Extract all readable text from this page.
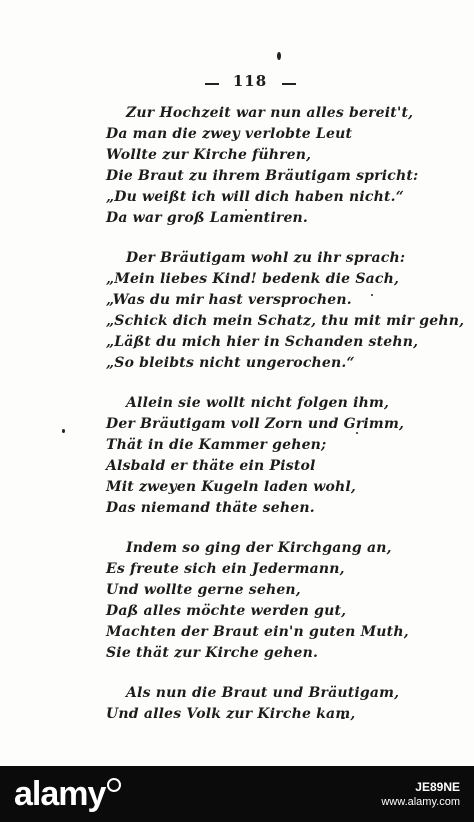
118
Zur Hochzeit war nun alles bereit't,
Da man die zwey verlobte Leut
Wollte zur Kirche führen,
Die Braut zu ihrem Bräutigam spricht:
„Du weißt ich will dich haben nicht.“
Da war groß Lamentiren.
Der Bräutigam wohl zu ihr sprach:
„Mein liebes Kind! bedenk die Sach,
„Was du mir hast versprochen.
„Schick dich mein Schatz, thu mit mir gehn,
„Läßt du mich hier in Schanden stehn,
„So bleibts nicht ungerochen.“
Allein sie wollt nicht folgen ihm,
Der Bräutigam voll Zorn und Grimm,
Thät in die Kammer gehen;
Alsbald er thäte ein Pistol
Mit zweyen Kugeln laden wohl,
Das niemand thäte sehen.
Indem so ging der Kirchgang an,
Es freute sich ein Jedermann,
Und wollte gerne sehen,
Daß alles möchte werden gut,
Machten der Braut ein'n guten Muth,
Sie thät zur Kirche gehen.
Als nun die Braut und Bräutigam,
Und alles Volk zur Kirche kam,
alamy	JE89NE
www.alamy.com
